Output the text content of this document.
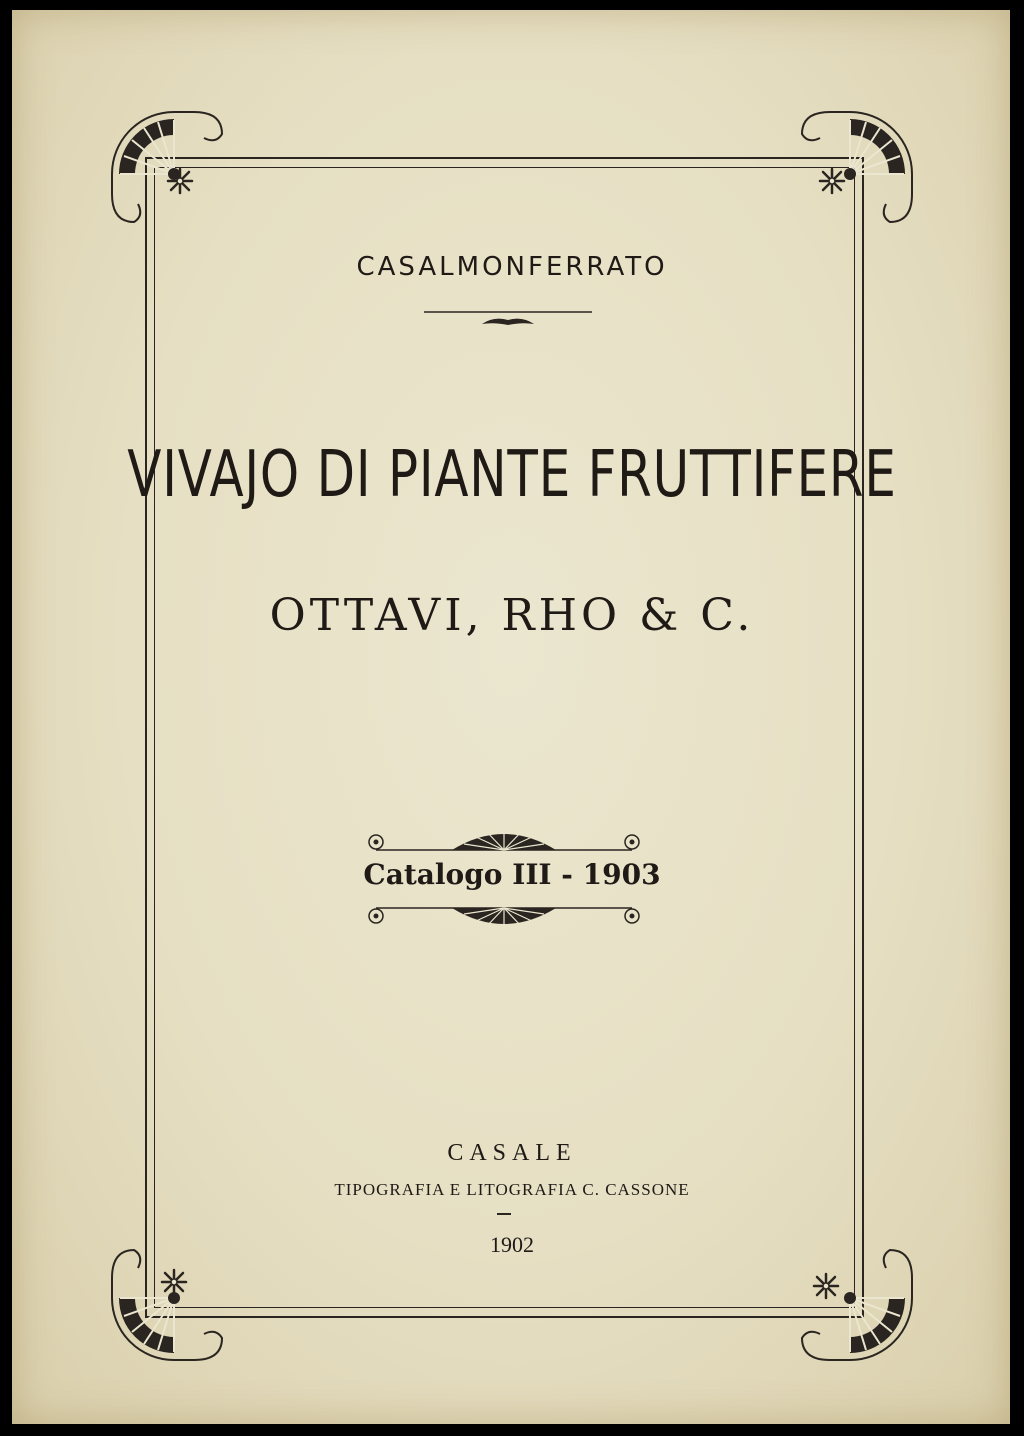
CASALMONFERRATO
VIVAJO DI PIANTE FRUTTIFERE
OTTAVI, RHO & C.
Catalogo III - 1903
CASALE
TIPOGRAFIA E LITOGRAFIA C. CASSONE
1902
